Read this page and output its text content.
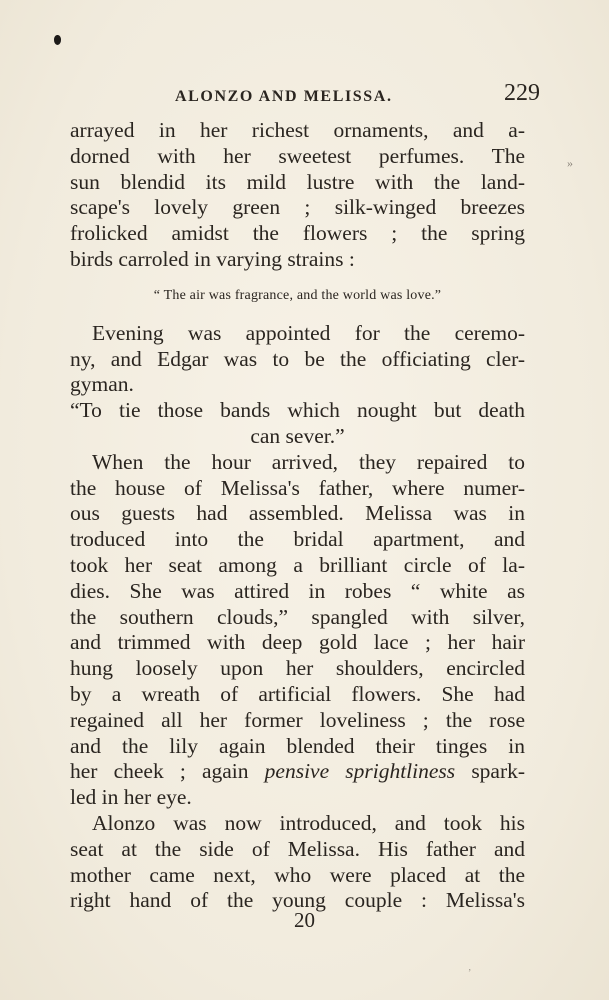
ALONZO AND MELISSA.	229
»
arrayed in her richest ornaments, and a-
dorned with her sweetest perfumes. The
sun blendid its mild lustre with the land-
scape's lovely green ; silk-winged breezes
frolicked amidst the flowers ; the spring
birds carroled in varying strains :
“ The air was fragrance, and the world was love.”
Evening was appointed for the ceremo-
ny, and Edgar was to be the officiating cler-
gyman.
“To tie those bands which nought but death
can sever.”
When the hour arrived, they repaired to
the house of Melissa's father, where numer-
ous guests had assembled. Melissa was in
troduced into the bridal apartment, and
took her seat among a brilliant circle of la-
dies. She was attired in robes “ white as
the southern clouds,” spangled with silver,
and trimmed with deep gold lace ; her hair
hung loosely upon her shoulders, encircled
by a wreath of artificial flowers. She had
regained all her former loveliness ; the rose
and the lily again blended their tinges in
her cheek ; again pensive sprightliness spark-
led in her eye.
Alonzo was now introduced, and took his
seat at the side of Melissa. His father and
mother came next, who were placed at the
right hand of the young couple : Melissa's
20
’
